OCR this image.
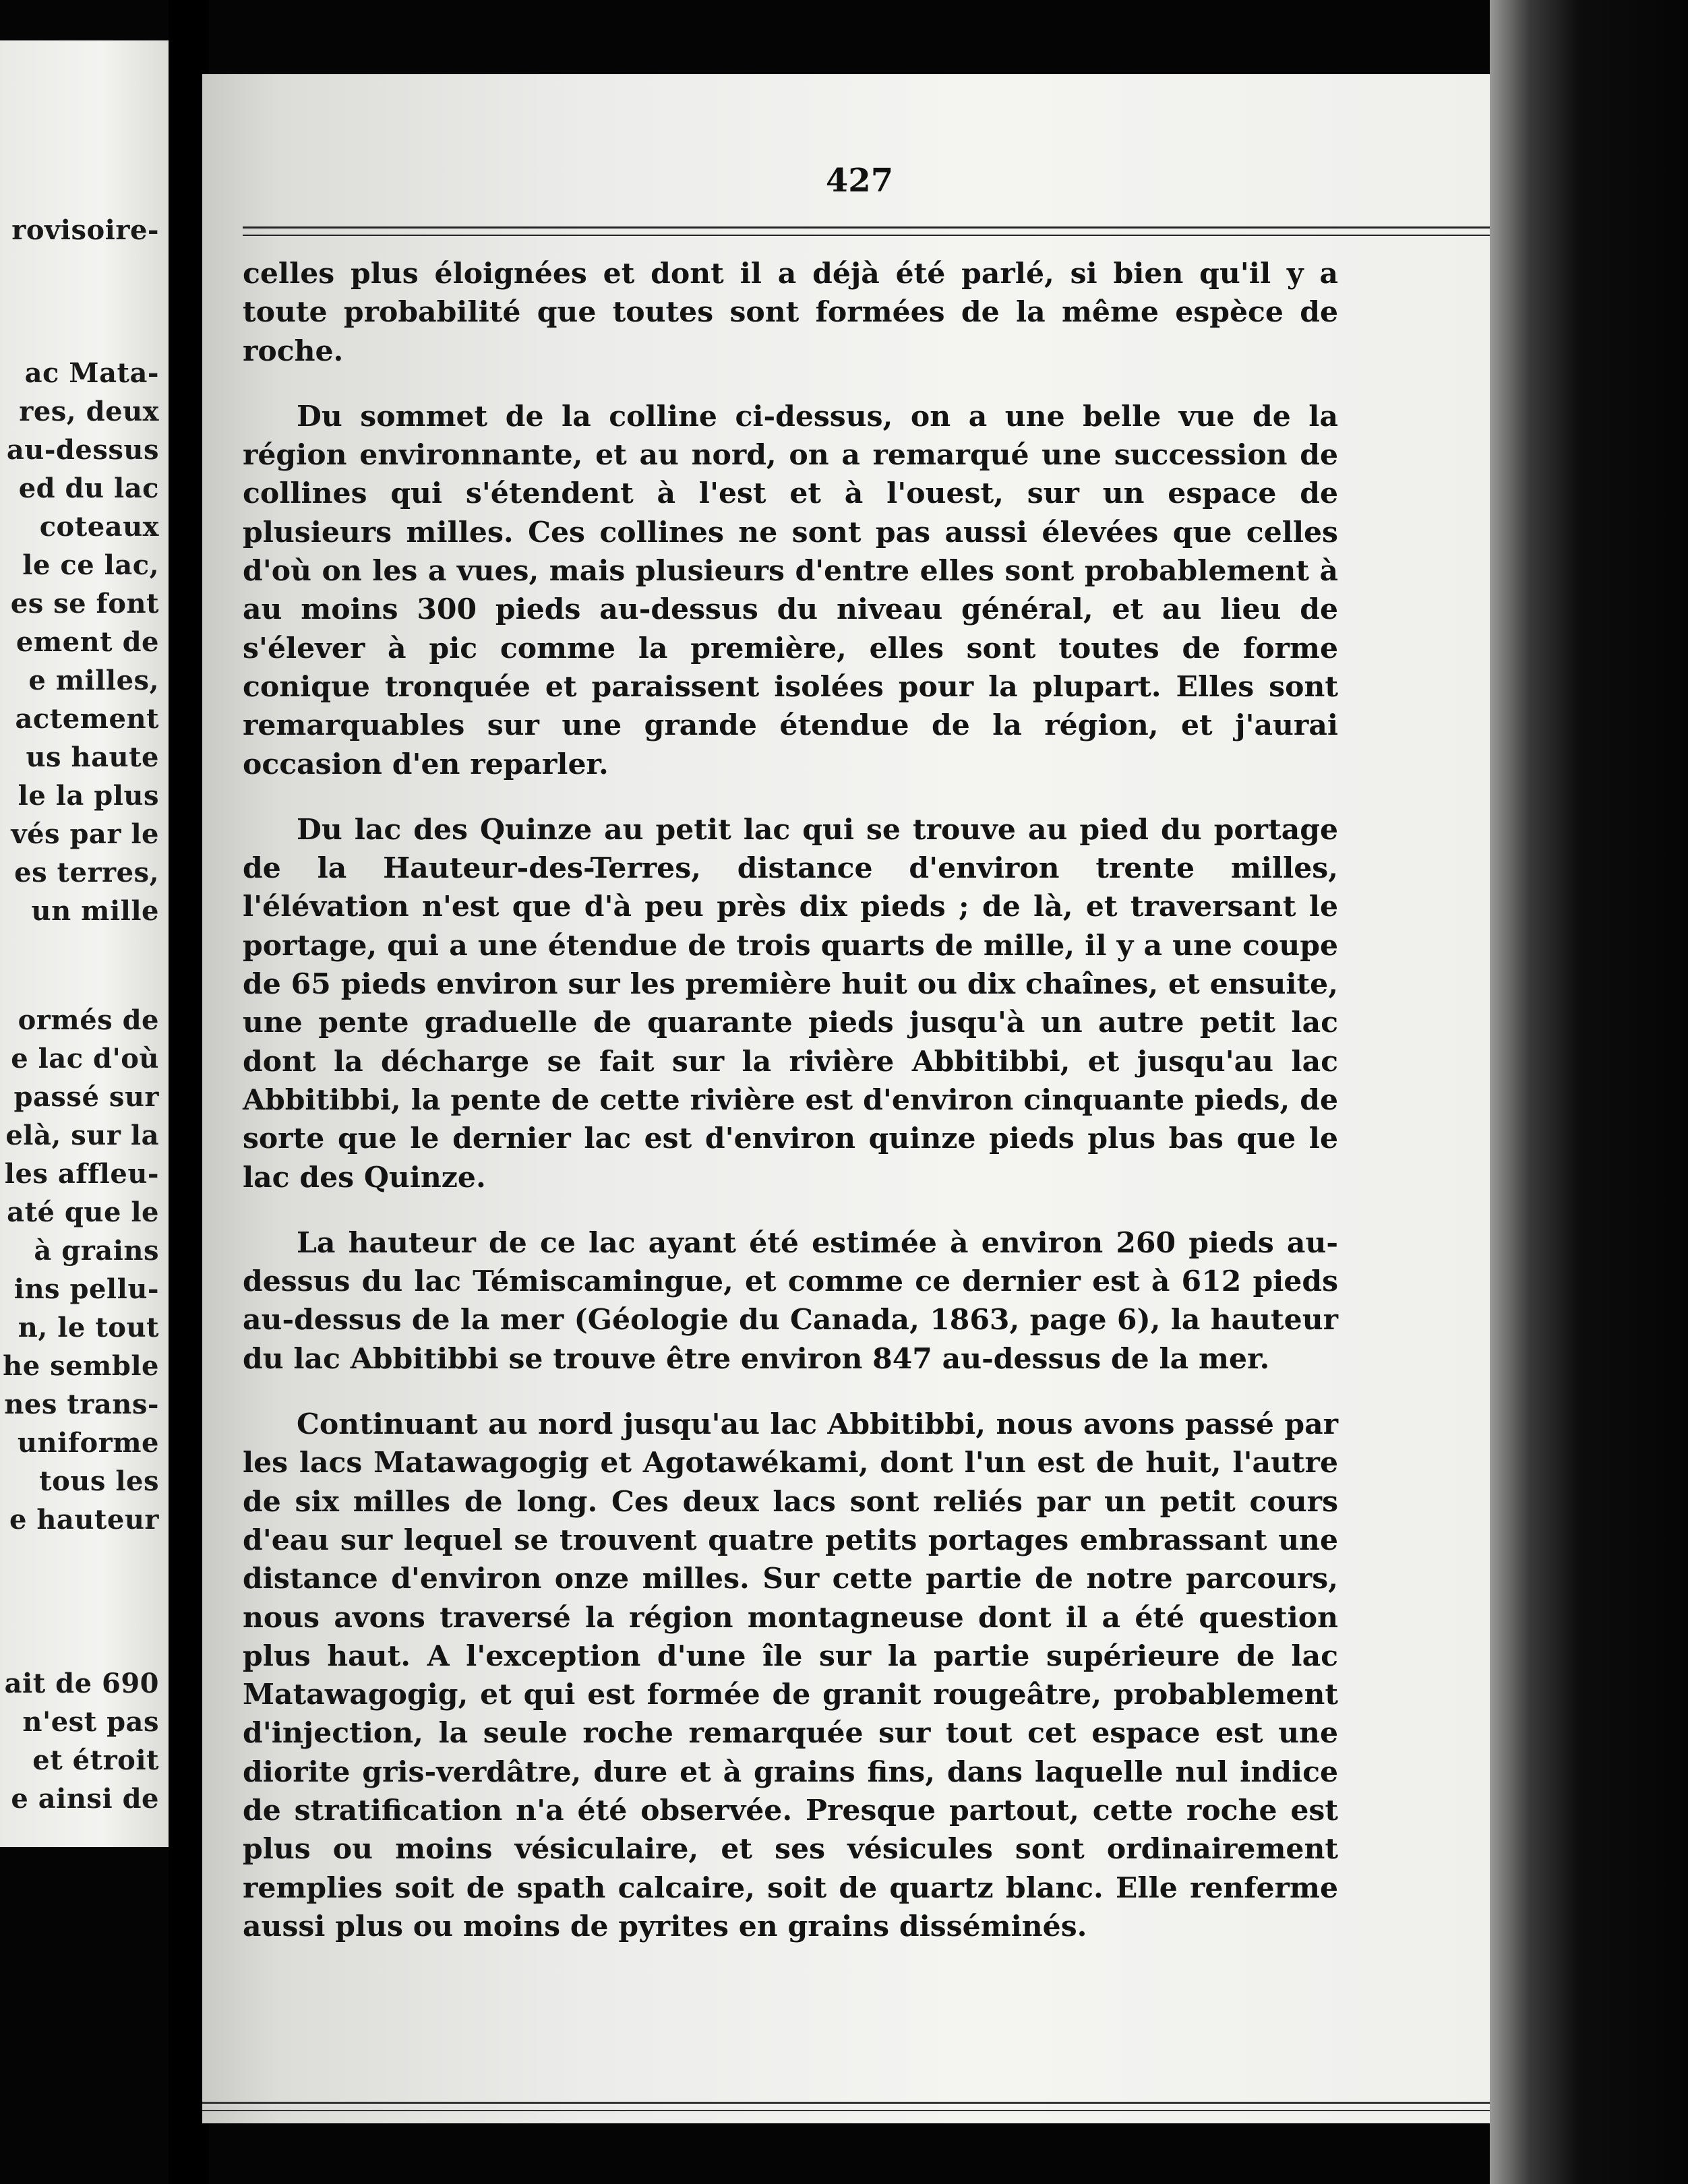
rovisoire-
ac Mata-
res, deux
au-dessus
ed du lac
coteaux
le ce lac,
es se font
ement de
e milles,
actement
us haute
le la plus
vés par le
es terres,
un mille
ormés de
e lac d'où
passé sur
elà, sur la
les affleu-
até que le
à grains
ins pellu-
n, le tout
he semble
nes trans-
uniforme
tous les
e hauteur
ait de 690
n'est pas
et étroit
e ainsi de
427

celles plus éloignées et dont il a déjà été parlé, si bien qu'il y a toute probabilité que toutes sont formées de la même espèce de roche.

Du sommet de la colline ci-dessus, on a une belle vue de la région environnante, et au nord, on a remarqué une succession de collines qui s'étendent à l'est et à l'ouest, sur un espace de plusieurs milles. Ces collines ne sont pas aussi élevées que celles d'où on les a vues, mais plusieurs d'entre elles sont probablement à au moins 300 pieds au-dessus du niveau général, et au lieu de s'élever à pic comme la première, elles sont toutes de forme conique tronquée et paraissent isolées pour la plupart. Elles sont remarquables sur une grande étendue de la région, et j'aurai occasion d'en reparler.

Du lac des Quinze au petit lac qui se trouve au pied du portage de la Hauteur-des-Terres, distance d'environ trente milles, l'élévation n'est que d'à peu près dix pieds ; de là, et traversant le portage, qui a une étendue de trois quarts de mille, il y a une coupe de 65 pieds environ sur les première huit ou dix chaînes, et ensuite, une pente graduelle de quarante pieds jusqu'à un autre petit lac dont la décharge se fait sur la rivière Abbitibbi, et jusqu'au lac Abbitibbi, la pente de cette rivière est d'environ cinquante pieds, de sorte que le dernier lac est d'environ quinze pieds plus bas que le lac des Quinze.

La hauteur de ce lac ayant été estimée à environ 260 pieds au-dessus du lac Témiscamingue, et comme ce dernier est à 612 pieds au-dessus de la mer (Géologie du Canada, 1863, page 6), la hauteur du lac Abbitibbi se trouve être environ 847 au-dessus de la mer.

Continuant au nord jusqu'au lac Abbitibbi, nous avons passé par les lacs Matawagogig et Agotawékami, dont l'un est de huit, l'autre de six milles de long. Ces deux lacs sont reliés par un petit cours d'eau sur lequel se trouvent quatre petits portages embrassant une distance d'environ onze milles. Sur cette partie de notre parcours, nous avons traversé la région montagneuse dont il a été question plus haut. A l'exception d'une île sur la partie supérieure de lac Matawagogig, et qui est formée de granit rougeâtre, probablement d'injection, la seule roche remarquée sur tout cet espace est une diorite gris-verdâtre, dure et à grains fins, dans laquelle nul indice de stratification n'a été observée. Presque partout, cette roche est plus ou moins vésiculaire, et ses vésicules sont ordinairement remplies soit de spath calcaire, soit de quartz blanc. Elle renferme aussi plus ou moins de pyrites en grains disséminés.
